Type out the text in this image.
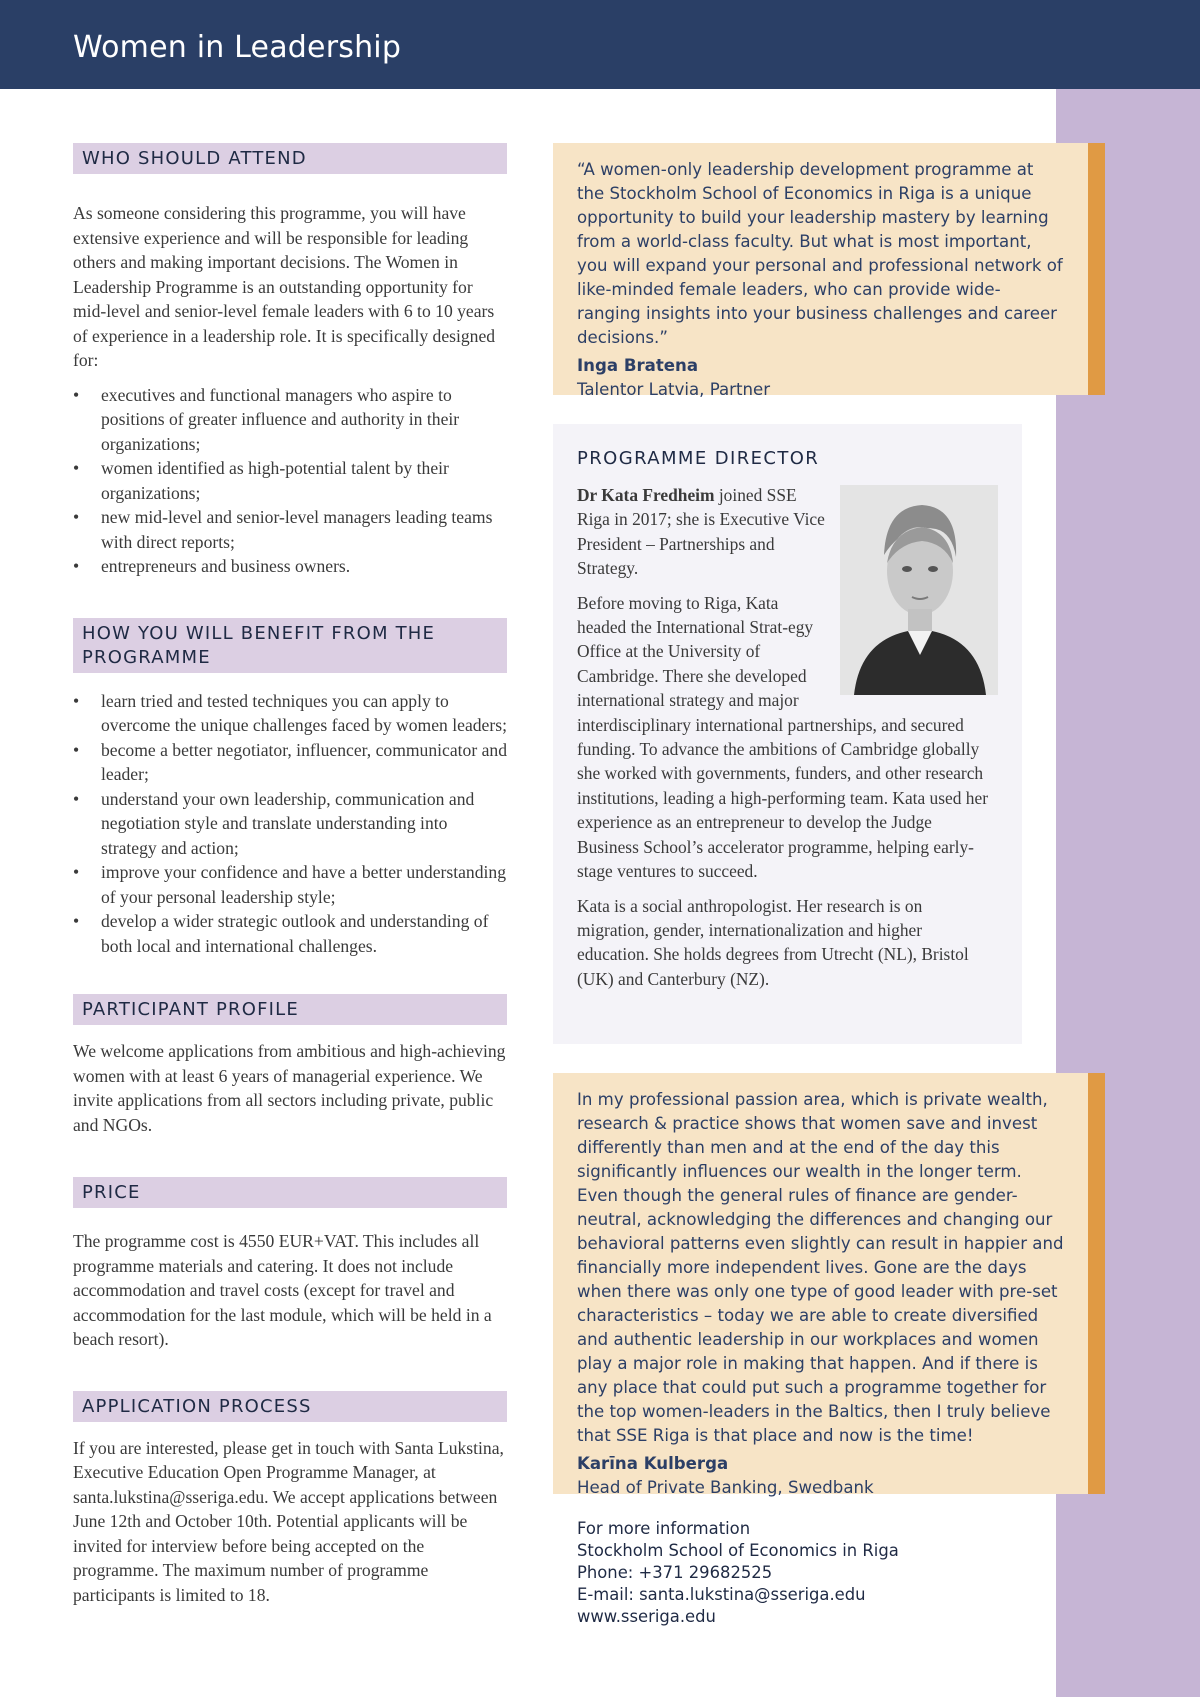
Women in Leadership
WHO SHOULD ATTEND

As someone considering this programme, you will have extensive experience and will be responsible for leading others and making important decisions. The Women in Leadership Programme is an outstanding opportunity for mid-level and senior-level female leaders with 6 to 10 years of experience in a leadership role. It is specifically designed for:

• executives and functional managers who aspire to positions of greater influence and authority in their organizations;
• women identified as high-potential talent by their organizations;
• new mid-level and senior-level managers leading teams with direct reports;
• entrepreneurs and business owners.
HOW YOU WILL BENEFIT FROM THE PROGRAMME
• learn tried and tested techniques you can apply to overcome the unique challenges faced by women leaders;
• become a better negotiator, influencer, communicator and leader;
• understand your own leadership, communication and negotiation style and translate understanding into strategy and action;
• improve your confidence and have a better understanding of your personal leadership style;
• develop a wider strategic outlook and understanding of both local and international challenges.
PARTICIPANT PROFILE

We welcome applications from ambitious and high-achieving women with at least 6 years of managerial experience. We invite applications from all sectors including private, public and NGOs.

PRICE

The programme cost is 4550 EUR+VAT. This includes all programme materials and catering. It does not include accommodation and travel costs (except for travel and accommodation for the last module, which will be held in a beach resort).

APPLICATION PROCESS

If you are interested, please get in touch with Santa Lukstina, Executive Education Open Programme Manager, at santa.lukstina@sseriga.edu. We accept applications between June 12th and October 10th. Potential applicants will be invited for interview before being accepted on the programme. The maximum number of programme participants is limited to 18.

“A women-only leadership development programme at the Stockholm School of Economics in Riga is a unique opportunity to build your leadership mastery by learning from a world-class faculty. But what is most important, you will expand your personal and professional network of like-minded female leaders, who can provide wide-ranging insights into your business challenges and career decisions.”

Inga Bratena

Talentor Latvia, Partner

PROGRAMME DIRECTOR

Dr Kata Fredheim joined SSE Riga in 2017; she is Executive Vice President – Partnerships and Strategy.

Before moving to Riga, Kata headed the International Strat-egy Office at the University of Cambridge. There she developed international strategy and major interdisciplinary international partnerships, and secured funding. To advance the ambitions of Cambridge globally she worked with governments, funders, and other research institutions, leading a high-performing team. Kata used her experience as an entrepreneur to develop the Judge Business School’s accelerator programme, helping early-stage ventures to succeed.

Kata is a social anthropologist. Her research is on migration, gender, internationalization and higher education. She holds degrees from Utrecht (NL), Bristol (UK) and Canterbury (NZ).

In my professional passion area, which is private wealth, research & practice shows that women save and invest differently than men and at the end of the day this significantly influences our wealth in the longer term. Even though the general rules of finance are gender-neutral, acknowledging the differences and changing our behavioral patterns even slightly can result in happier and financially more independent lives. Gone are the days when there was only one type of good leader with pre-set characteristics – today we are able to create diversified and authentic leadership in our workplaces and women play a major role in making that happen. And if there is any place that could put such a programme together for the top women-leaders in the Baltics, then I truly believe that SSE Riga is that place and now is the time!

Karīna Kulberga

Head of Private Banking, Swedbank

For more information
Stockholm School of Economics in Riga
Phone: +371 29682525
E-mail: santa.lukstina@sseriga.edu
www.sseriga.edu
